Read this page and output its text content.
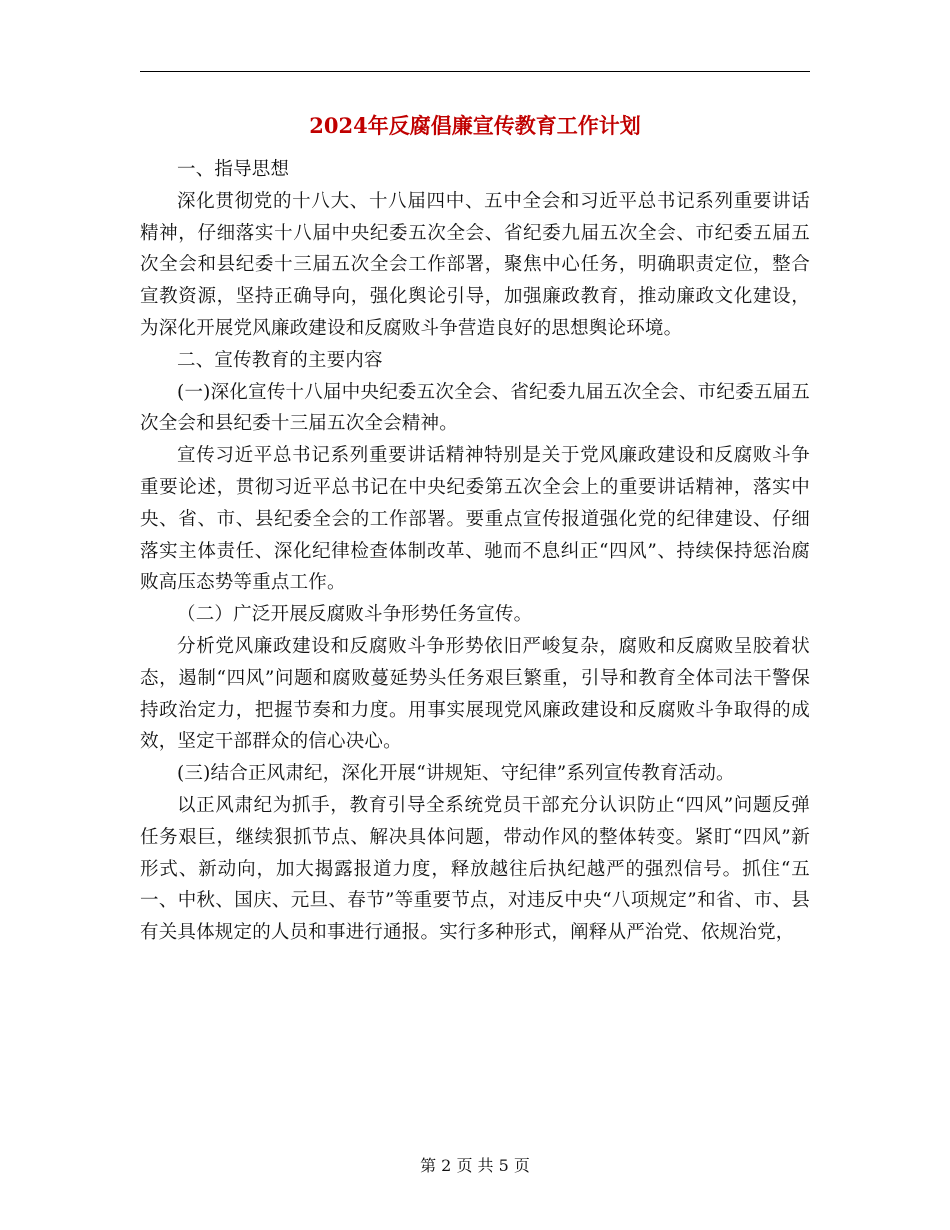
2024年反腐倡廉宣传教育工作计划

一、指导思想

深化贯彻党的十八大、十八届四中、五中全会和习近平总书记系列重要讲话精神，仔细落实十八届中央纪委五次全会、省纪委九届五次全会、市纪委五届五次全会和县纪委十三届五次全会工作部署，聚焦中心任务，明确职责定位，整合宣教资源，坚持正确导向，强化舆论引导，加强廉政教育，推动廉政文化建设，为深化开展党风廉政建设和反腐败斗争营造良好的思想舆论环境。

二、宣传教育的主要内容

(一)深化宣传十八届中央纪委五次全会、省纪委九届五次全会、市纪委五届五次全会和县纪委十三届五次全会精神。

宣传习近平总书记系列重要讲话精神特别是关于党风廉政建设和反腐败斗争重要论述，贯彻习近平总书记在中央纪委第五次全会上的重要讲话精神，落实中央、省、市、县纪委全会的工作部署。要重点宣传报道强化党的纪律建设、仔细落实主体责任、深化纪律检查体制改革、驰而不息纠正“四风”、持续保持惩治腐败高压态势等重点工作。

（二）广泛开展反腐败斗争形势任务宣传。

分析党风廉政建设和反腐败斗争形势依旧严峻复杂，腐败和反腐败呈胶着状态，遏制“四风”问题和腐败蔓延势头任务艰巨繁重，引导和教育全体司法干警保持政治定力，把握节奏和力度。用事实展现党风廉政建设和反腐败斗争取得的成效，坚定干部群众的信心决心。

(三)结合正风肃纪，深化开展“讲规矩、守纪律”系列宣传教育活动。

以正风肃纪为抓手，教育引导全系统党员干部充分认识防止“四风”问题反弹任务艰巨，继续狠抓节点、解决具体问题，带动作风的整体转变。紧盯“四风”新形式、新动向，加大揭露报道力度，释放越往后执纪越严的强烈信号。抓住“五一、中秋、国庆、元旦、春节”等重要节点，对违反中央“八项规定”和省、市、县有关具体规定的人员和事进行通报。实行多种形式，阐释从严治党、依规治党，

第 2 页 共 5 页
